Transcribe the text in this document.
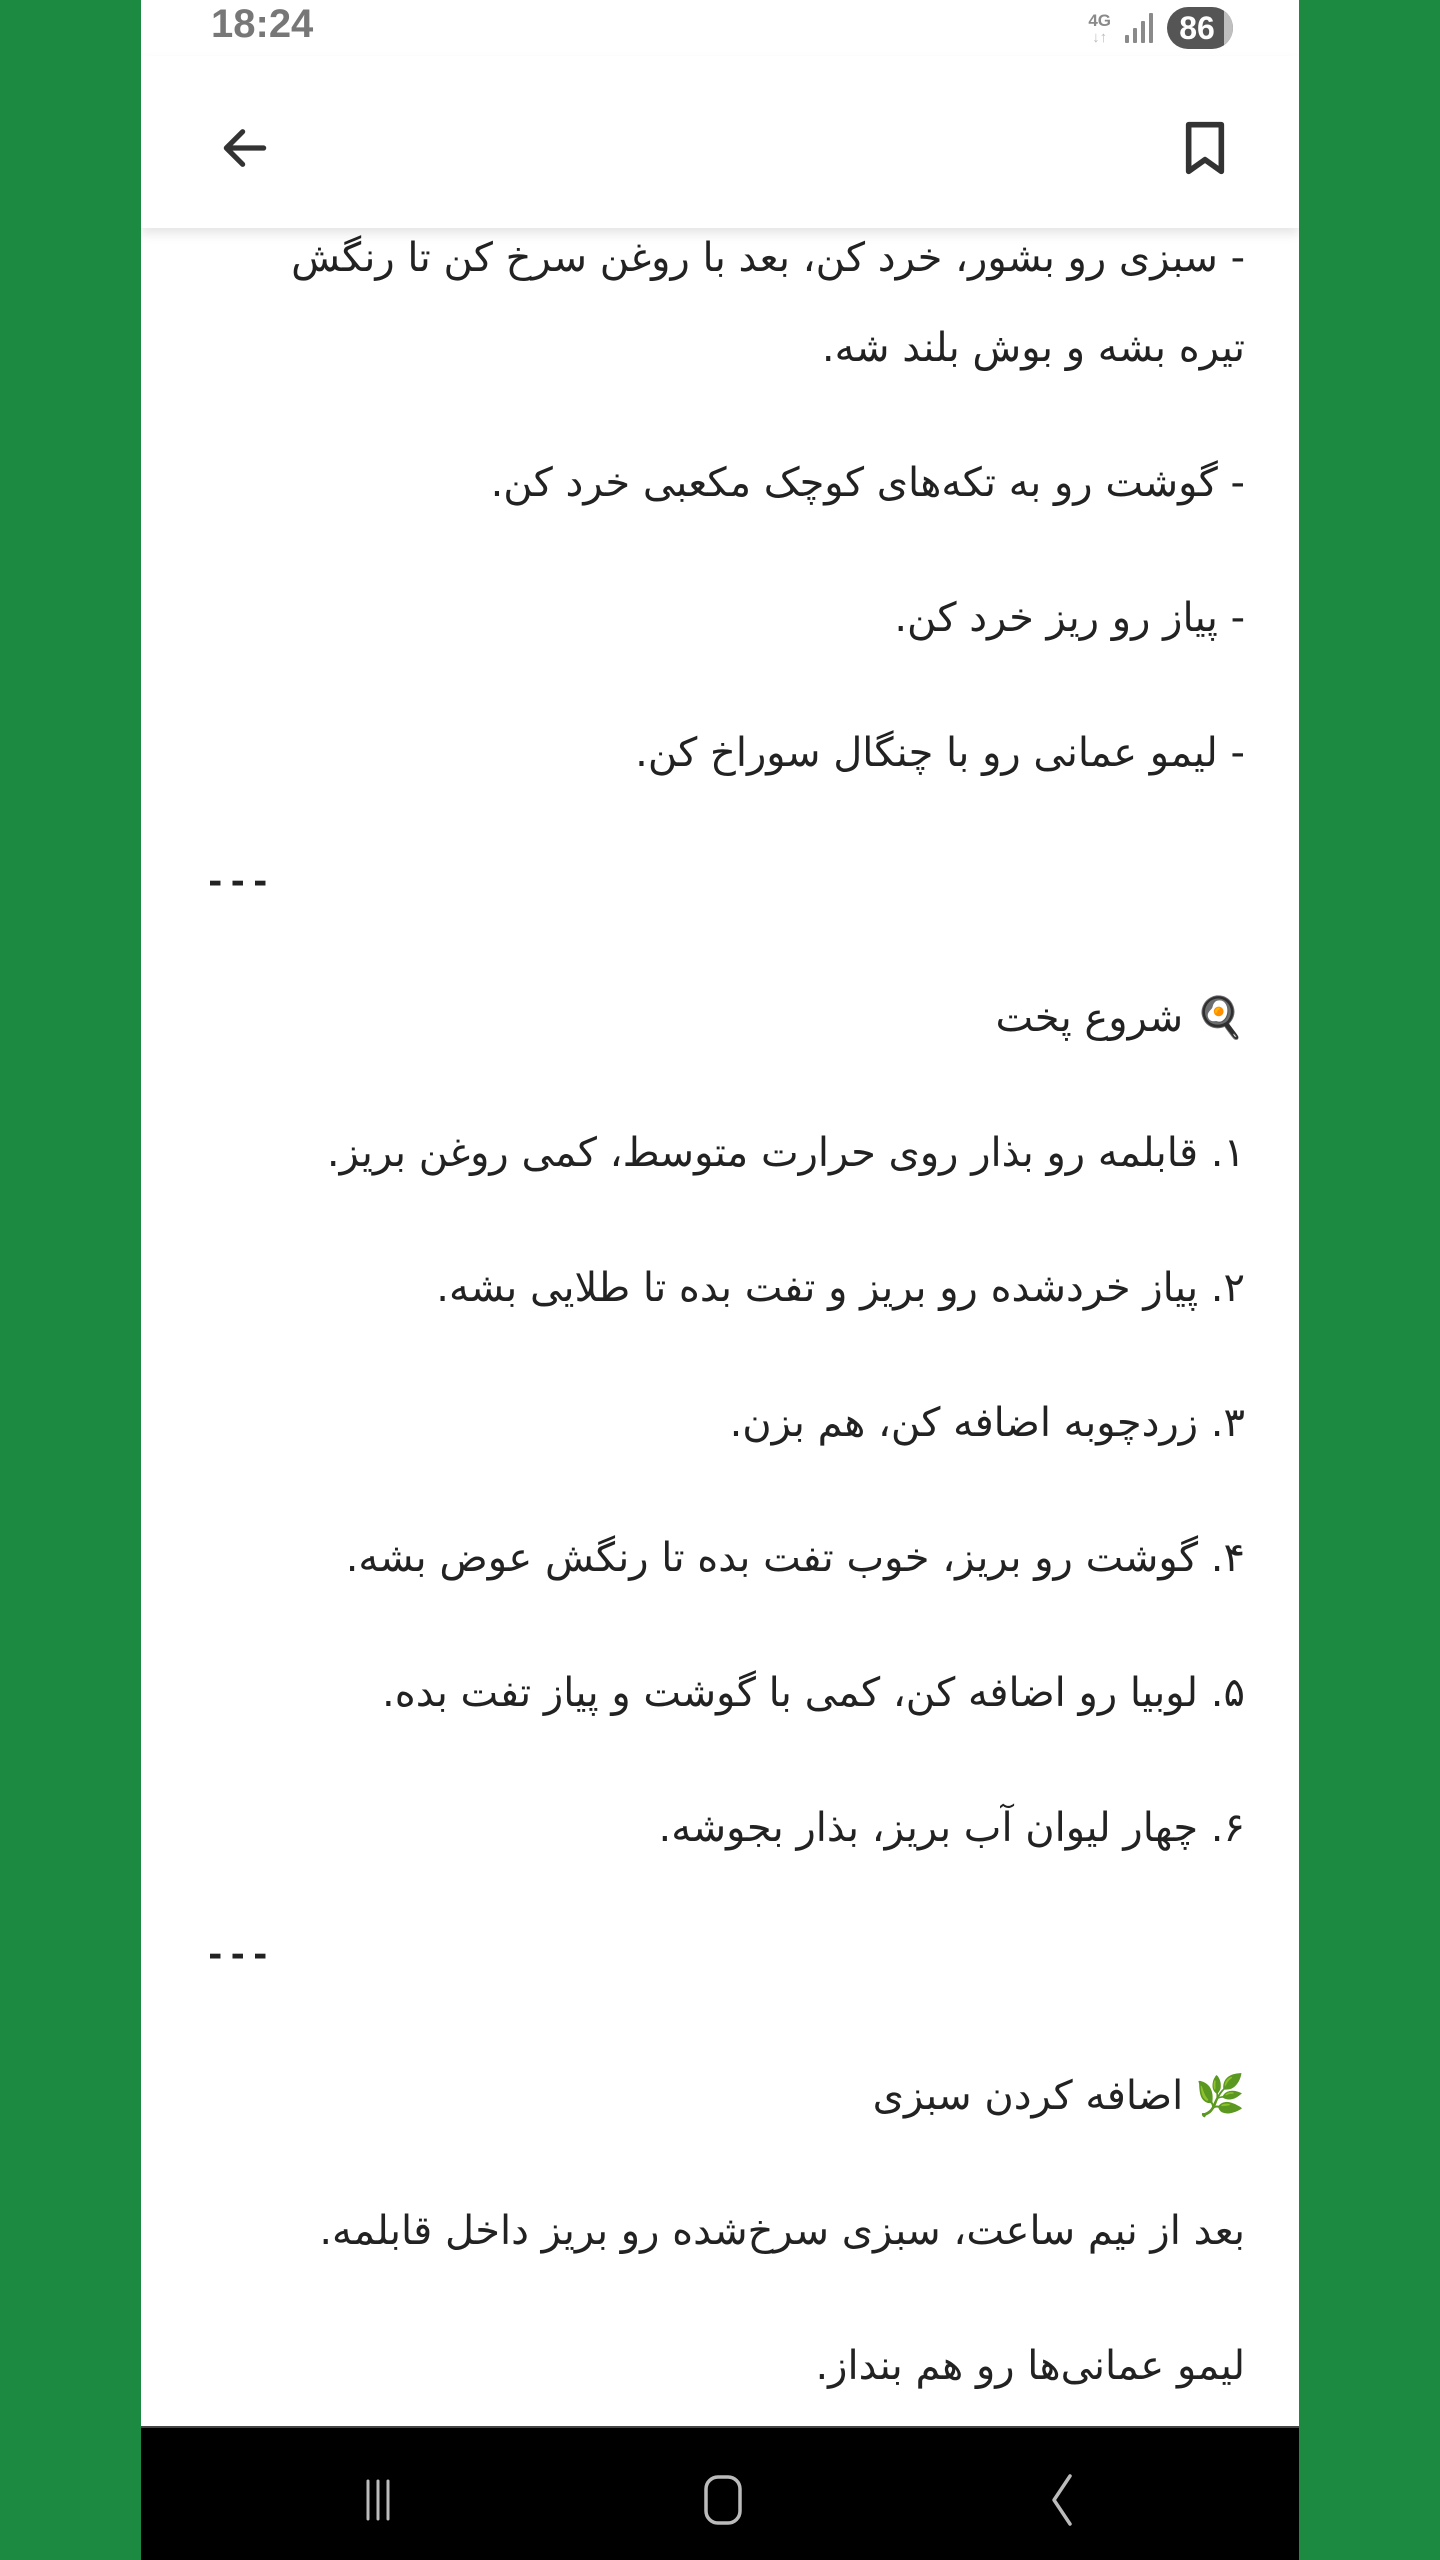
18:24	4G
↓↑ 86
- سبزی رو بشور، خرد کن، بعد با روغن سرخ کن تا رنگش
تیره بشه و بوش بلند شه.
- گوشت رو به تکه‌های کوچک مکعبی خرد کن.
- پیاز رو ریز خرد کن.
- لیمو عمانی رو با چنگال سوراخ کن.
---
🍳شروع پخت
۱. قابلمه رو بذار روی حرارت متوسط، کمی روغن بریز.
۲. پیاز خردشده رو بریز و تفت بده تا طلایی بشه.
۳. زردچوبه اضافه کن، هم بزن.
۴. گوشت رو بریز، خوب تفت بده تا رنگش عوض بشه.
۵. لوبیا رو اضافه کن، کمی با گوشت و پیاز تفت بده.
۶. چهار لیوان آب بریز، بذار بجوشه.
---
🌿اضافه کردن سبزی
بعد از نیم ساعت، سبزی سرخ‌شده رو بریز داخل قابلمه.
لیمو عمانی‌ها رو هم بنداز.
